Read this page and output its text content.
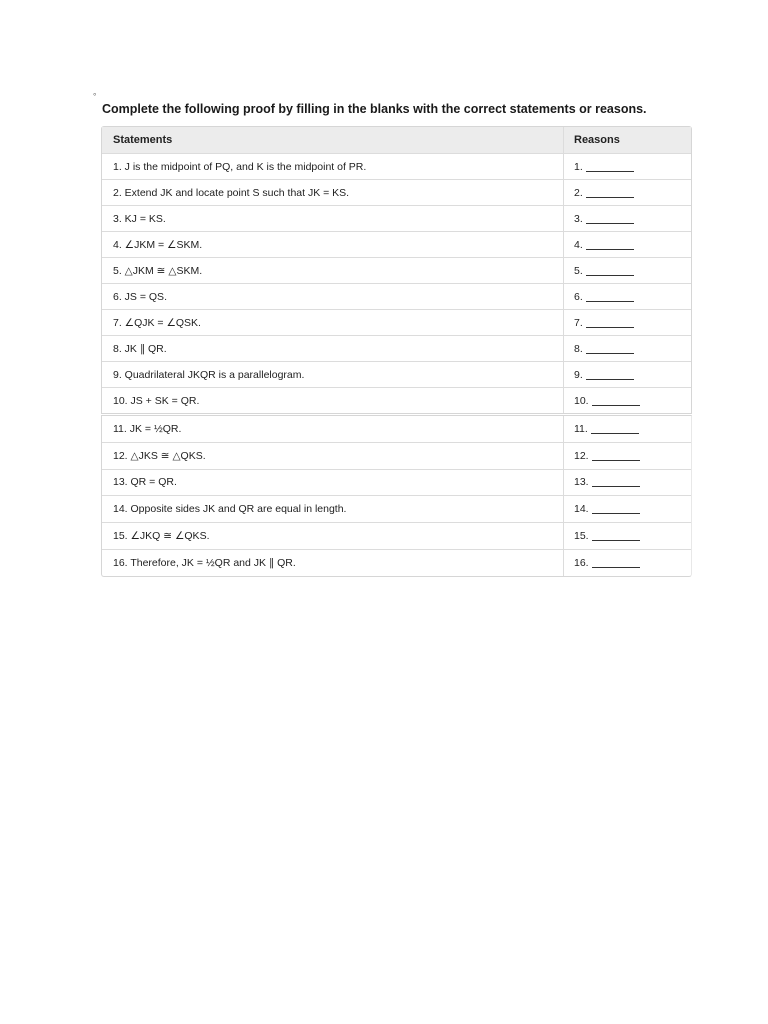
ﾟ
Complete the following proof by filling in the blanks with the correct statements or reasons.
Statements	Reasons
1. J is the midpoint of PQ, and K is the midpoint of PR.	1.
2. Extend JK and locate point S such that JK = KS.	2.
3. KJ = KS.	3.
4. ∠JKM = ∠SKM.	4.
5. △JKM ≅ △SKM.	5.
6. JS = QS.	6.
7. ∠QJK = ∠QSK.	7.
8. JK ∥ QR.	8.
9. Quadrilateral JKQR is a parallelogram.	9.
10. JS + SK = QR.	10.
11. JK = ½QR.	11.
12. △JKS ≅ △QKS.	12.
13. QR = QR.	13.
14. Opposite sides JK and QR are equal in length.	14.
15. ∠JKQ ≅ ∠QKS.	15.
16. Therefore, JK = ½QR and JK ∥ QR.	16.
